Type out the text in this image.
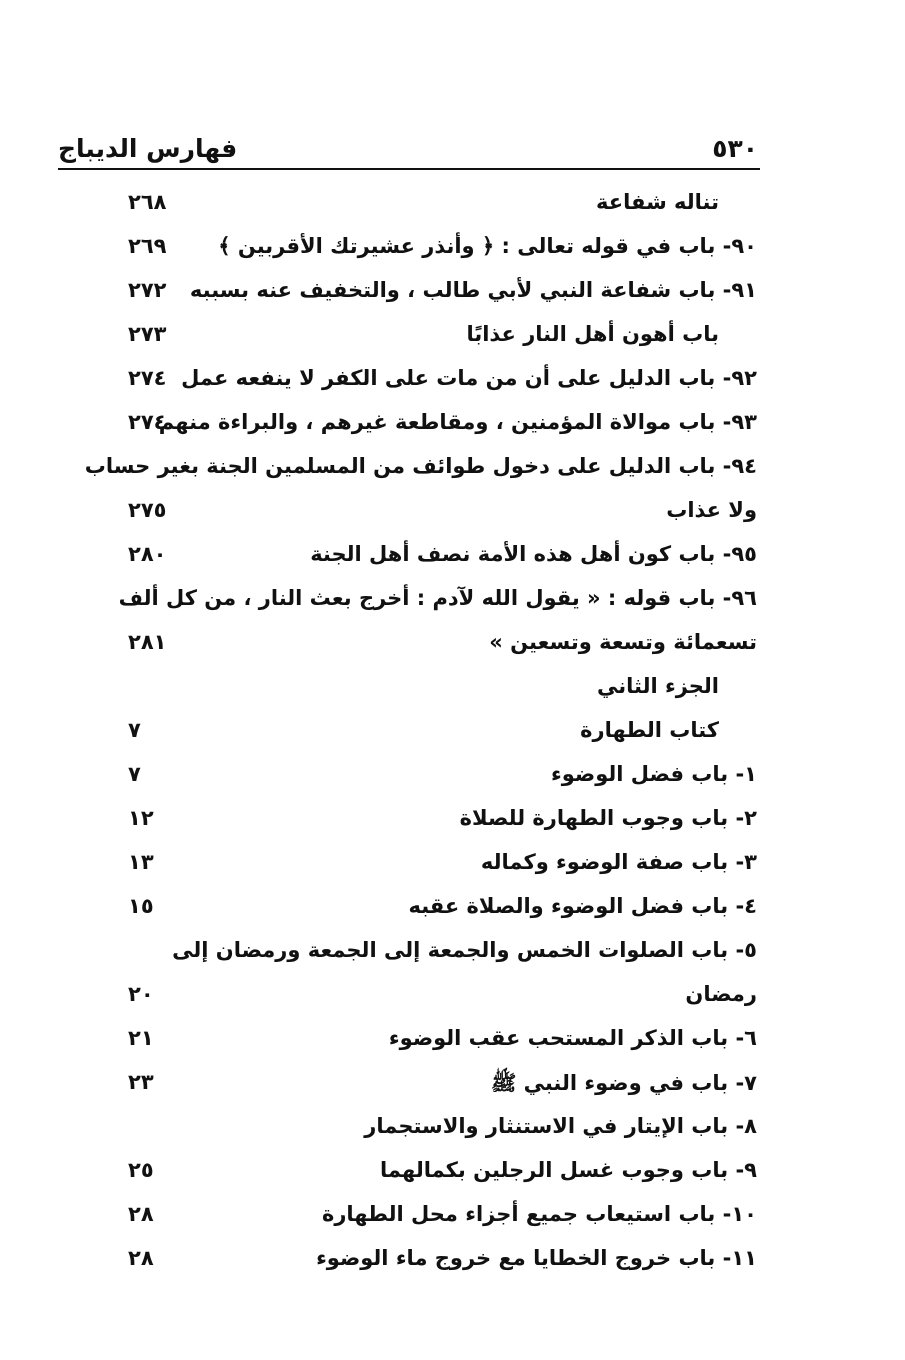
فهارس الديباج	٥٣٠
تناله شفاعة
٢٦٨
٩٠- باب في قوله تعالى : ﴿ وأنذر عشيرتك الأقربين ﴾
٢٦٩
٩١- باب شفاعة النبي لأبي طالب ، والتخفيف عنه بسببه
٢٧٢
باب أهون أهل النار عذابًا
٢٧٣
٩٢- باب الدليل على أن من مات على الكفر لا ينفعه عمل
٢٧٤
٩٣- باب موالاة المؤمنين ، ومقاطعة غيرهم ، والبراءة منهم
٢٧٤
٩٤- باب الدليل على دخول طوائف من المسلمين الجنة بغير حساب
ولا عذاب
٢٧٥
٩٥- باب كون أهل هذه الأمة نصف أهل الجنة
٢٨٠
٩٦- باب قوله : « يقول الله لآدم : أخرج بعث النار ، من كل ألف
تسعمائة وتسعة وتسعين »
٢٨١
الجزء الثاني
كتاب الطهارة
٧
١- باب فضل الوضوء
٧
٢- باب وجوب الطهارة للصلاة
١٢
٣- باب صفة الوضوء وكماله
١٣
٤- باب فضل الوضوء والصلاة عقبه
١٥
٥- باب الصلوات الخمس والجمعة إلى الجمعة ورمضان إلى
رمضان
٢٠
٦- باب الذكر المستحب عقب الوضوء
٢١
٧- باب في وضوء النبي ﷺ
٢٣
٨- باب الإيتار في الاستنثار والاستجمار
٩- باب وجوب غسل الرجلين بكمالهما
٢٥
١٠- باب استيعاب جميع أجزاء محل الطهارة
٢٨
١١- باب خروج الخطايا مع خروج ماء الوضوء
٢٨
